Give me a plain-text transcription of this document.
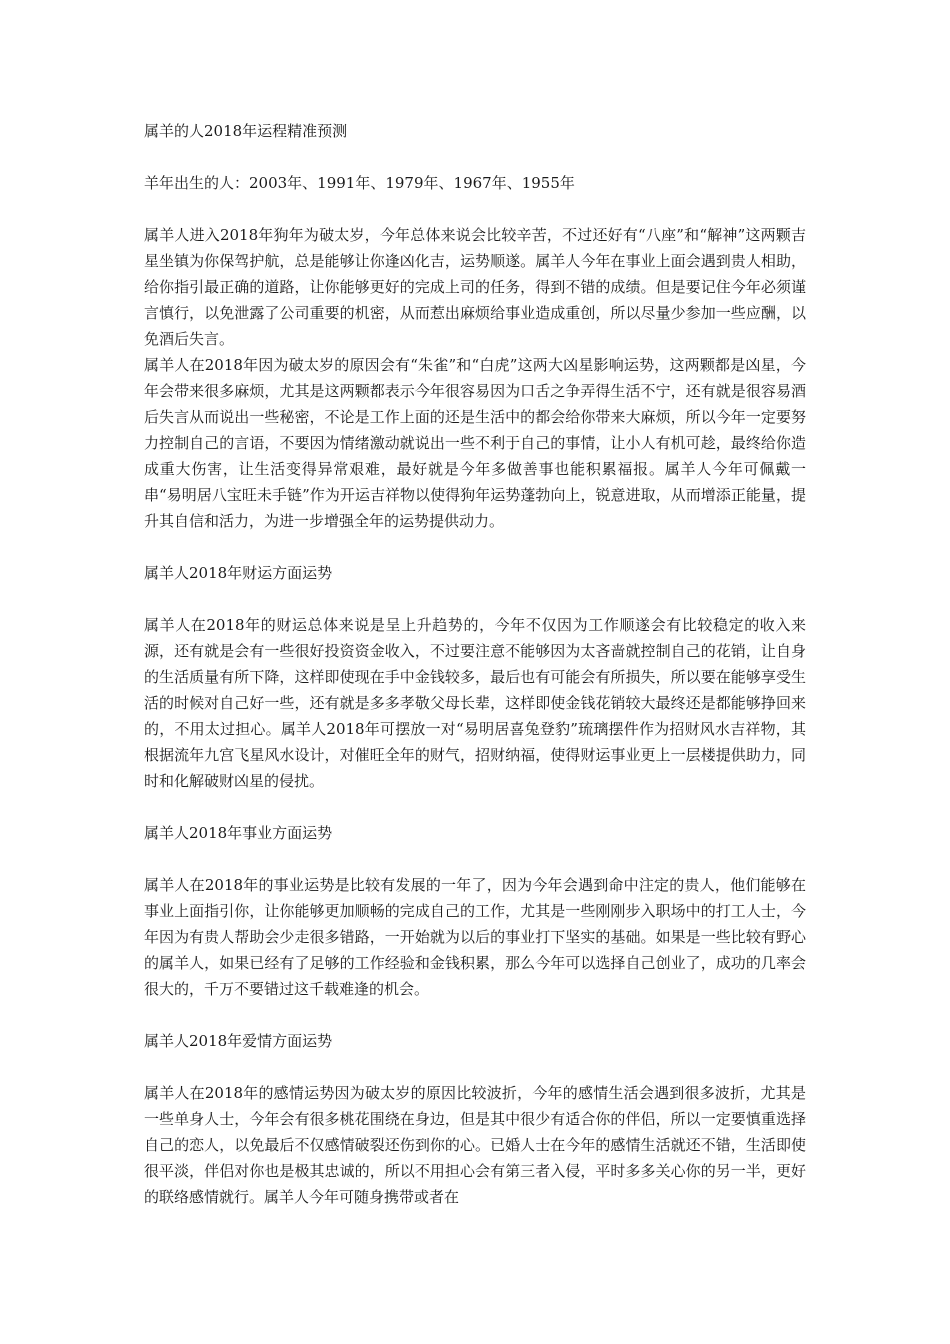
属羊的人2018年运程精准预测

羊年出生的人：2003年、1991年、1979年、1967年、1955年

属羊人进入2018年狗年为破太岁，今年总体来说会比较辛苦，不过还好有“八座”和“解神”这两颗吉星坐镇为你保驾护航，总是能够让你逢凶化吉，运势顺遂。属羊人今年在事业上面会遇到贵人相助，给你指引最正确的道路，让你能够更好的完成上司的任务，得到不错的成绩。但是要记住今年必须谨言慎行，以免泄露了公司重要的机密，从而惹出麻烦给事业造成重创，所以尽量少参加一些应酬，以免酒后失言。

属羊人在2018年因为破太岁的原因会有“朱雀”和“白虎”这两大凶星影响运势，这两颗都是凶星，今年会带来很多麻烦，尤其是这两颗都表示今年很容易因为口舌之争弄得生活不宁，还有就是很容易酒后失言从而说出一些秘密，不论是工作上面的还是生活中的都会给你带来大麻烦，所以今年一定要努力控制自己的言语，不要因为情绪激动就说出一些不利于自己的事情，让小人有机可趁，最终给你造成重大伤害，让生活变得异常艰难，最好就是今年多做善事也能积累福报。属羊人今年可佩戴一串“易明居八宝旺未手链”作为开运吉祥物以使得狗年运势蓬勃向上，锐意进取，从而增添正能量，提升其自信和活力，为进一步增强全年的运势提供动力。

属羊人2018年财运方面运势

属羊人在2018年的财运总体来说是呈上升趋势的，今年不仅因为工作顺遂会有比较稳定的收入来源，还有就是会有一些很好投资资金收入，不过要注意不能够因为太吝啬就控制自己的花销，让自身的生活质量有所下降，这样即使现在手中金钱较多，最后也有可能会有所损失，所以要在能够享受生活的时候对自己好一些，还有就是多多孝敬父母长辈，这样即使金钱花销较大最终还是都能够挣回来的，不用太过担心。属羊人2018年可摆放一对“易明居喜兔登豹”琉璃摆件作为招财风水吉祥物，其根据流年九宫飞星风水设计，对催旺全年的财气，招财纳福，使得财运事业更上一层楼提供助力，同时和化解破财凶星的侵扰。

属羊人2018年事业方面运势

属羊人在2018年的事业运势是比较有发展的一年了，因为今年会遇到命中注定的贵人，他们能够在事业上面指引你，让你能够更加顺畅的完成自己的工作，尤其是一些刚刚步入职场中的打工人士，今年因为有贵人帮助会少走很多错路，一开始就为以后的事业打下坚实的基础。如果是一些比较有野心的属羊人，如果已经有了足够的工作经验和金钱积累，那么今年可以选择自己创业了，成功的几率会很大的，千万不要错过这千载难逢的机会。

属羊人2018年爱情方面运势

属羊人在2018年的感情运势因为破太岁的原因比较波折，今年的感情生活会遇到很多波折，尤其是一些单身人士，今年会有很多桃花围绕在身边，但是其中很少有适合你的伴侣，所以一定要慎重选择自己的恋人，以免最后不仅感情破裂还伤到你的心。已婚人士在今年的感情生活就还不错，生活即使很平淡，伴侣对你也是极其忠诚的，所以不用担心会有第三者入侵，平时多多关心你的另一半，更好的联络感情就行。属羊人今年可随身携带或者在
